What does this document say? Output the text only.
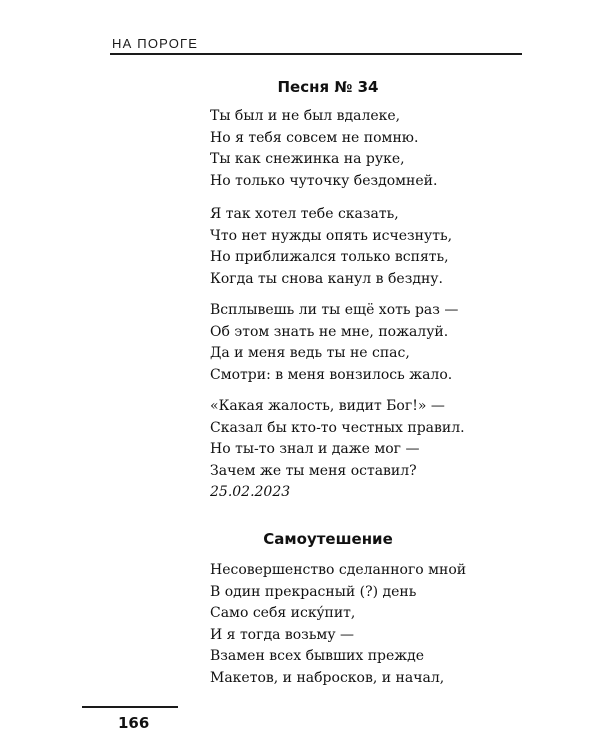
НА ПОРОГЕ
Песня № 34
Ты был и не был вдалеке,
Но я тебя совсем не помню.
Ты как снежинка на руке,
Но только чуточку бездомней.
Я так хотел тебе сказать,
Что нет нужды опять исчезнуть,
Но приближался только вспять,
Когда ты снова канул в бездну.
Всплывешь ли ты ещё хоть раз —
Об этом знать не мне, пожалуй.
Да и меня ведь ты не спас,
Смотри: в меня вонзилось жало.
«Какая жалость, видит Бог!» —
Сказал бы кто-то честных правил.
Но ты-то знал и даже мог —
Зачем же ты меня оставил?
25.02.2023
Самоутешение
Несовершенство сделанного мной
В один прекрасный (?) день
Само себя искýпит,
И я тогда возьму —
Взамен всех бывших прежде
Макетов, и набросков, и начал,
166
